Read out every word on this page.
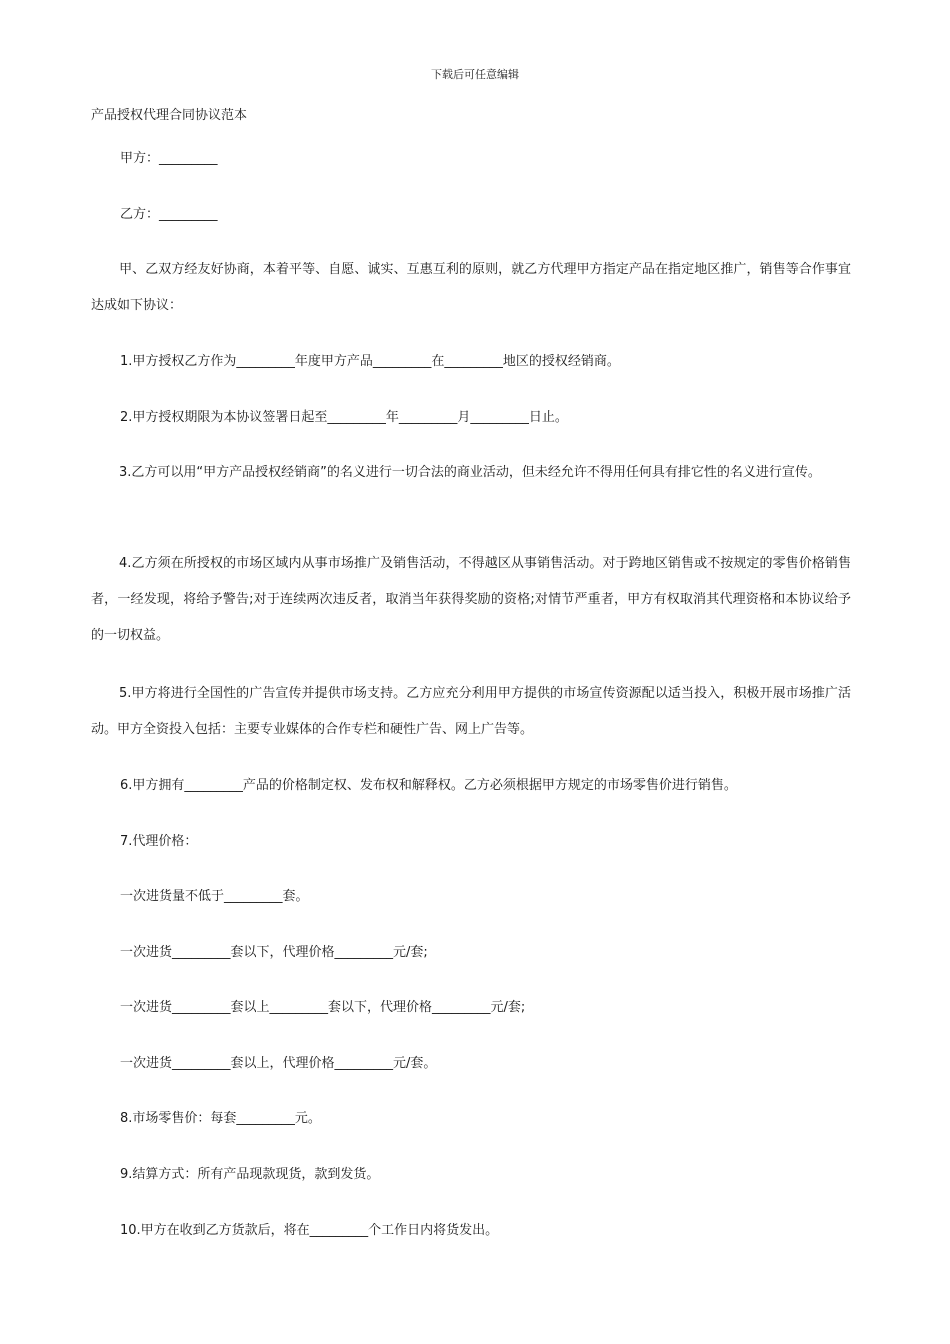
下载后可任意编辑
产品授权代理合同协议范本
甲方：_________
乙方：_________

甲、乙双方经友好协商，本着平等、自愿、诚实、互惠互利的原则，就乙方代理甲方指定产品在指定地区推广，销售等合作事宜达成如下协议：

1.甲方授权乙方作为_________年度甲方产品_________在_________地区的授权经销商。
2.甲方授权期限为本协议签署日起至_________年_________月_________日止。

3.乙方可以用“甲方产品授权经销商”的名义进行一切合法的商业活动，但未经允许不得用任何具有排它性的名义进行宣传。

4.乙方须在所授权的市场区域内从事市场推广及销售活动，不得越区从事销售活动。对于跨地区销售或不按规定的零售价格销售者，一经发现，将给予警告;对于连续两次违反者，取消当年获得奖励的资格;对情节严重者，甲方有权取消其代理资格和本协议给予的一切权益。

5.甲方将进行全国性的广告宣传并提供市场支持。乙方应充分利用甲方提供的市场宣传资源配以适当投入，积极开展市场推广活动。甲方全资投入包括：主要专业媒体的合作专栏和硬性广告、网上广告等。

6.甲方拥有_________产品的价格制定权、发布权和解释权。乙方必须根据甲方规定的市场零售价进行销售。
7.代理价格：
一次进货量不低于_________套。
一次进货_________套以下，代理价格_________元/套;
一次进货_________套以上_________套以下，代理价格_________元/套;
一次进货_________套以上，代理价格_________元/套。
8.市场零售价：每套_________元。
9.结算方式：所有产品现款现货，款到发货。
10.甲方在收到乙方货款后，将在_________个工作日内将货发出。
